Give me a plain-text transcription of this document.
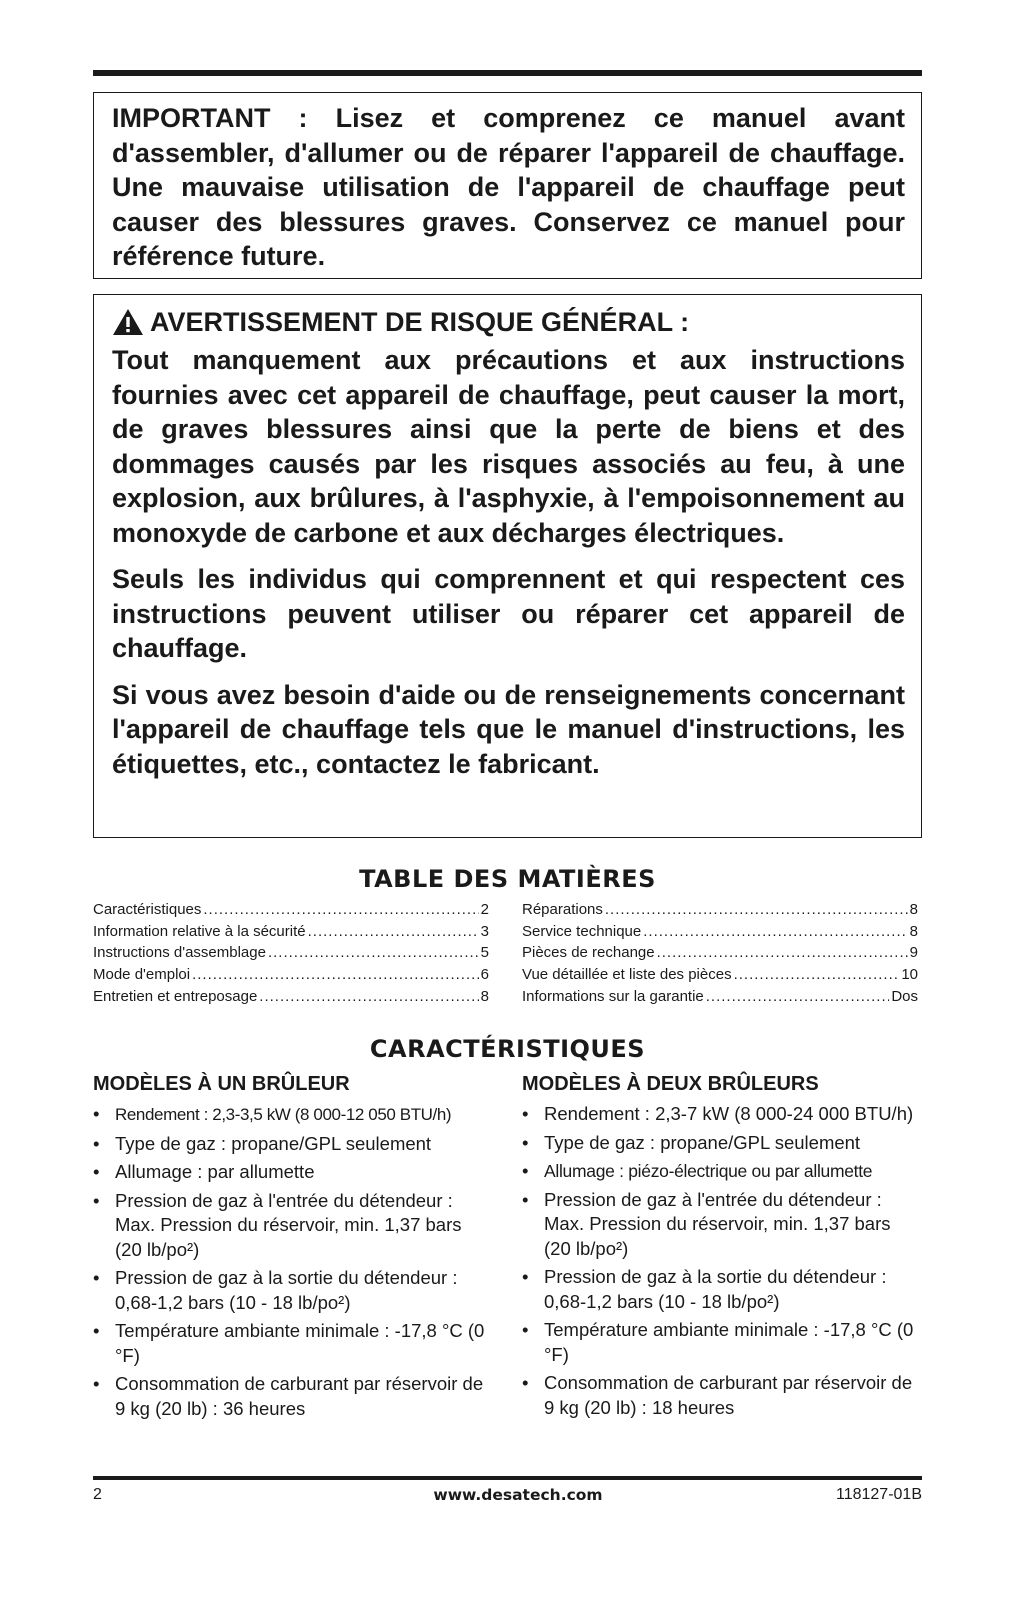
IMPORTANT : Lisez et comprenez ce manuel avant d'assembler, d'allumer ou de réparer l'appareil de chauffage. Une mauvaise utilisation de l'appareil de chauffage peut causer des blessures graves. Conservez ce manuel pour référence future.

AVERTISSEMENT DE RISQUE GÉNÉRAL :

Tout manquement aux précautions et aux instructions fournies avec cet appareil de chauffage, peut causer la mort, de graves blessures ainsi que la perte de biens et des dommages causés par les risques associés au feu, à une explosion, aux brûlures, à l'asphyxie, à l'empoisonnement au monoxyde de carbone et aux décharges électriques.

Seuls les individus qui comprennent et qui respectent ces instructions peuvent utiliser ou réparer cet appareil de chauffage.

Si vous avez besoin d'aide ou de renseignements concernant l'appareil de chauffage tels que le manuel d'instructions, les étiquettes, etc., contactez le fabricant.

TABLE DES MATIÈRES
Caractéristiques .....	2
Information relative à la sécurité .....	3
Instructions d'assemblage .....	5
Mode d'emploi .....	6
Entretien et entreposage .....	8
Réparations .....	8
Service technique .....	8
Pièces de rechange .....	9
Vue détaillée et liste des pièces .....	10
Informations sur la garantie .....	Dos
CARACTÉRISTIQUES
MODÈLES À UN BRÛLEUR
• Rendement : 2,3-3,5 kW (8 000-12 050 BTU/h)
• Type de gaz : propane/GPL seulement
• Allumage : par allumette
• Pression de gaz à l'entrée du détendeur : Max. Pression du réservoir, min. 1,37 bars (20 lb/po²)
• Pression de gaz à la sortie du détendeur : 0,68-1,2 bars (10 - 18 lb/po²)
• Température ambiante minimale : -17,8 °C (0 °F)
• Consommation de carburant par réservoir de 9 kg (20 lb) : 36 heures
MODÈLES À DEUX BRÛLEURS
• Rendement : 2,3-7 kW (8 000-24 000 BTU/h)
• Type de gaz : propane/GPL seulement
• Allumage : piézo-électrique ou par allumette
• Pression de gaz à l'entrée du détendeur : Max. Pression du réservoir, min. 1,37 bars (20 lb/po²)
• Pression de gaz à la sortie du détendeur : 0,68-1,2 bars (10 - 18 lb/po²)
• Température ambiante minimale : -17,8 °C (0 °F)
• Consommation de carburant par réservoir de 9 kg (20 lb) : 18 heures
2	www.desatech.com	118127-01B
